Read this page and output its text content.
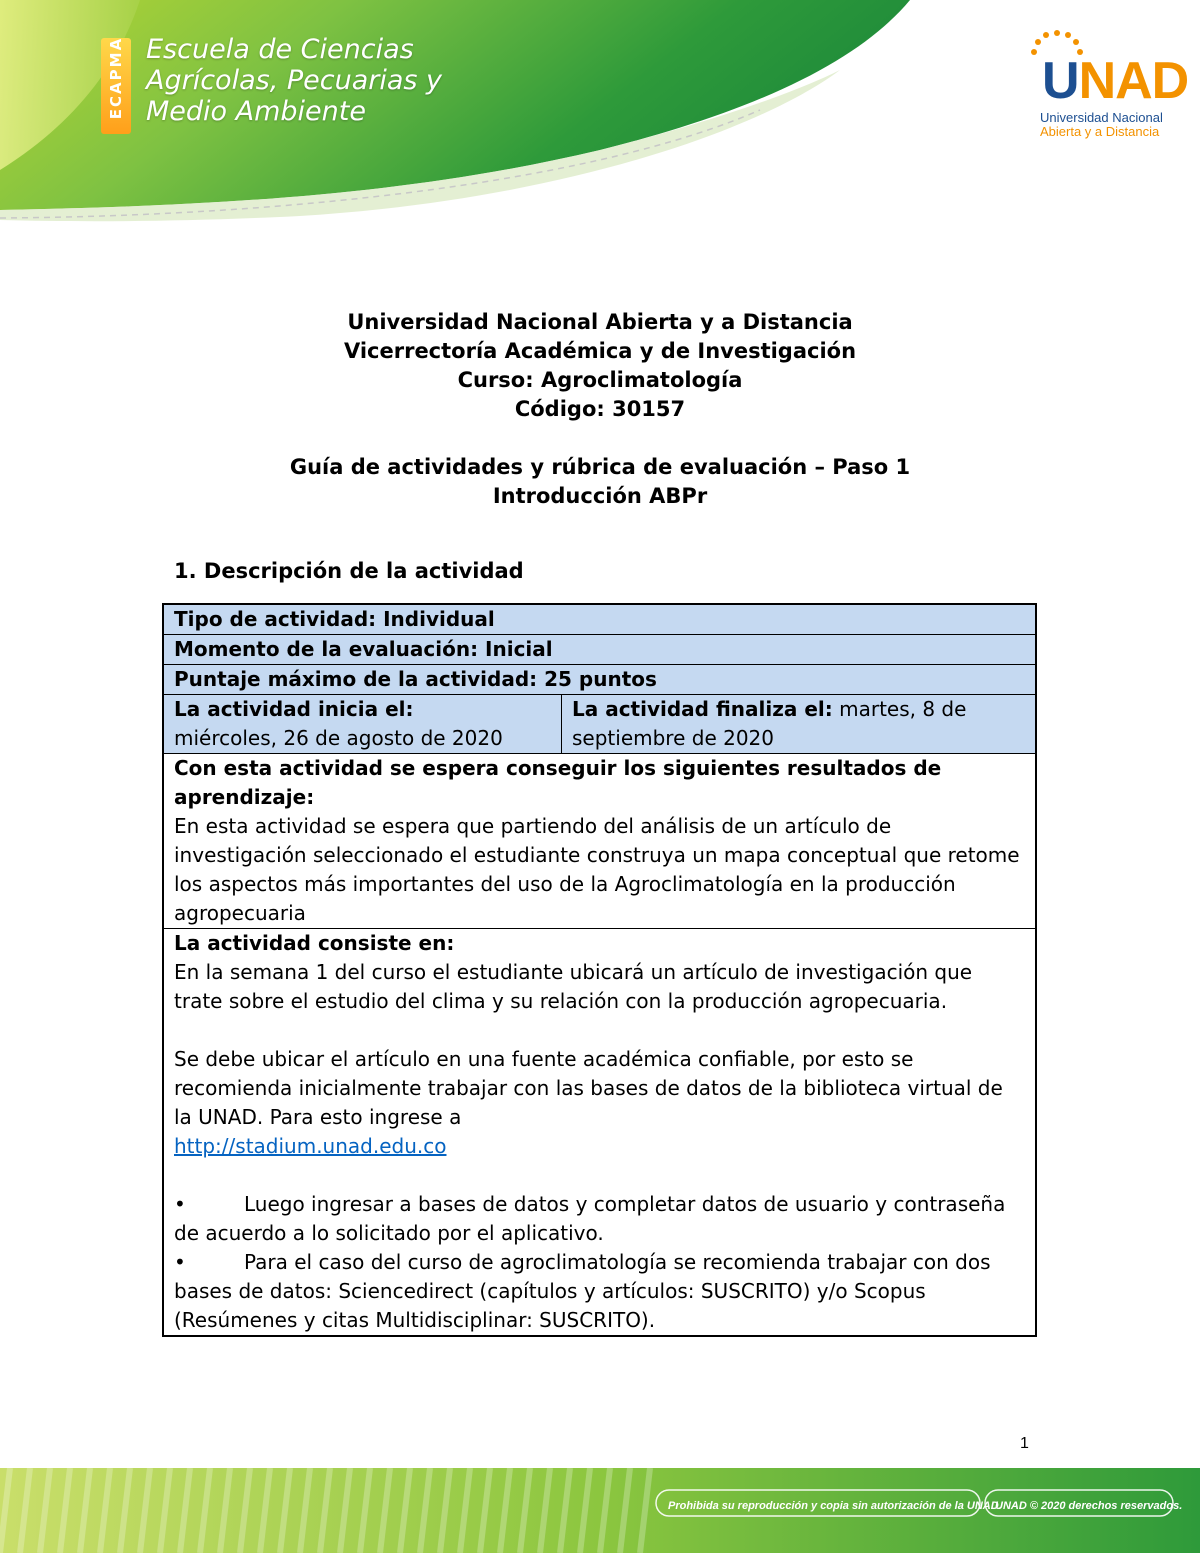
ECAPMA Escuela de Ciencias
Agrícolas, Pecuarias y
Medio Ambiente
UNAD
Universidad Nacional
Abierta y a Distancia
Universidad Nacional Abierta y a Distancia
Vicerrectoría Académica y de Investigación
Curso: Agroclimatología
Código: 30157
Guía de actividades y rúbrica de evaluación – Paso 1
Introducción ABPr
1. Descripción de la actividad
Tipo de actividad: Individual
Momento de la evaluación: Inicial
Puntaje máximo de la actividad: 25 puntos
La actividad inicia el:
miércoles, 26 de agosto de 2020
La actividad finaliza el: martes, 8 de septiembre de 2020
Con esta actividad se espera conseguir los siguientes resultados de aprendizaje:
En esta actividad se espera que partiendo del análisis de un artículo de investigación seleccionado el estudiante construya un mapa conceptual que retome los aspectos más importantes del uso de la Agroclimatología en la producción agropecuaria
La actividad consiste en:
En la semana 1 del curso el estudiante ubicará un artículo de investigación que trate sobre el estudio del clima y su relación con la producción agropecuaria.
Se debe ubicar el artículo en una fuente académica confiable, por esto se recomienda inicialmente trabajar con las bases de datos de la biblioteca virtual de la UNAD. Para esto ingrese a
http://stadium.unad.edu.co
•	Luego ingresar a bases de datos y completar datos de usuario y contraseña de acuerdo a lo solicitado por el aplicativo.
•	Para el caso del curso de agroclimatología se recomienda trabajar con dos bases de datos: Sciencedirect (capítulos y artículos: SUSCRITO) y/o Scopus (Resúmenes y citas Multidisciplinar: SUSCRITO).
1
Prohibida su reproducción y copia sin autorización de la UNAD.
UNAD © 2020 derechos reservados.
